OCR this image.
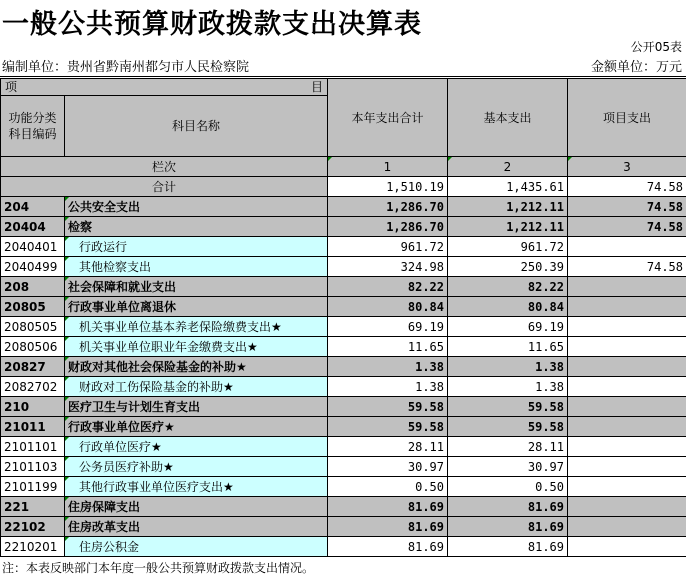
一般公共预算财政拨款支出决算表
公开05表
编制单位：贵州省黔南州都匀市人民检察院	金额单位：万元
项 目		本年支出合计	基本支出	项目支出
功能分类科目编码	科目名称			
栏次		1	2	3
合计		1,510.19	1,435.61	74.58
204	公共安全支出	1,286.70	1,212.11	74.58
20404	检察	1,286.70	1,212.11	74.58
2040401	行政运行	961.72	961.72	
2040499	其他检察支出	324.98	250.39	74.58
208	社会保障和就业支出	82.22	82.22	
20805	行政事业单位离退休	80.84	80.84	
2080505	机关事业单位基本养老保险缴费支出★	69.19	69.19	
2080506	机关事业单位职业年金缴费支出★	11.65	11.65	
20827	财政对其他社会保险基金的补助★	1.38	1.38	
2082702	财政对工伤保险基金的补助★	1.38	1.38	
210	医疗卫生与计划生育支出	59.58	59.58	
21011	行政事业单位医疗★	59.58	59.58	
2101101	行政单位医疗★	28.11	28.11	
2101103	公务员医疗补助★	30.97	30.97	
2101199	其他行政事业单位医疗支出★	0.50	0.50	
221	住房保障支出	81.69	81.69	
22102	住房改革支出	81.69	81.69	
2210201	住房公积金	81.69	81.69	
注：本表反映部门本年度一般公共预算财政拨款支出情况。
